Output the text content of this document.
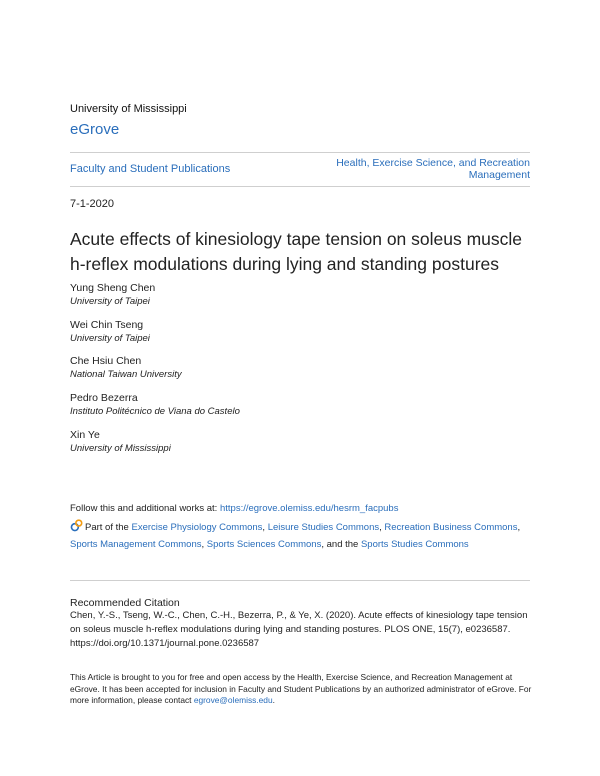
University of Mississippi
eGrove
Faculty and Student Publications	Health, Exercise Science, and Recreation Management
7-1-2020
Acute effects of kinesiology tape tension on soleus muscle h-reflex modulations during lying and standing postures
Yung Sheng Chen
University of Taipei
Wei Chin Tseng
University of Taipei
Che Hsiu Chen
National Taiwan University
Pedro Bezerra
Instituto Politécnico de Viana do Castelo
Xin Ye
University of Mississippi
Follow this and additional works at: https://egrove.olemiss.edu/hesrm_facpubs
Part of the Exercise Physiology Commons, Leisure Studies Commons, Recreation Business Commons, Sports Management Commons, Sports Sciences Commons, and the Sports Studies Commons
Recommended Citation
Chen, Y.-S., Tseng, W.-C., Chen, C.-H., Bezerra, P., & Ye, X. (2020). Acute effects of kinesiology tape tension on soleus muscle h-reflex modulations during lying and standing postures. PLOS ONE, 15(7), e0236587. https://doi.org/10.1371/journal.pone.0236587
This Article is brought to you for free and open access by the Health, Exercise Science, and Recreation Management at eGrove. It has been accepted for inclusion in Faculty and Student Publications by an authorized administrator of eGrove. For more information, please contact egrove@olemiss.edu.
